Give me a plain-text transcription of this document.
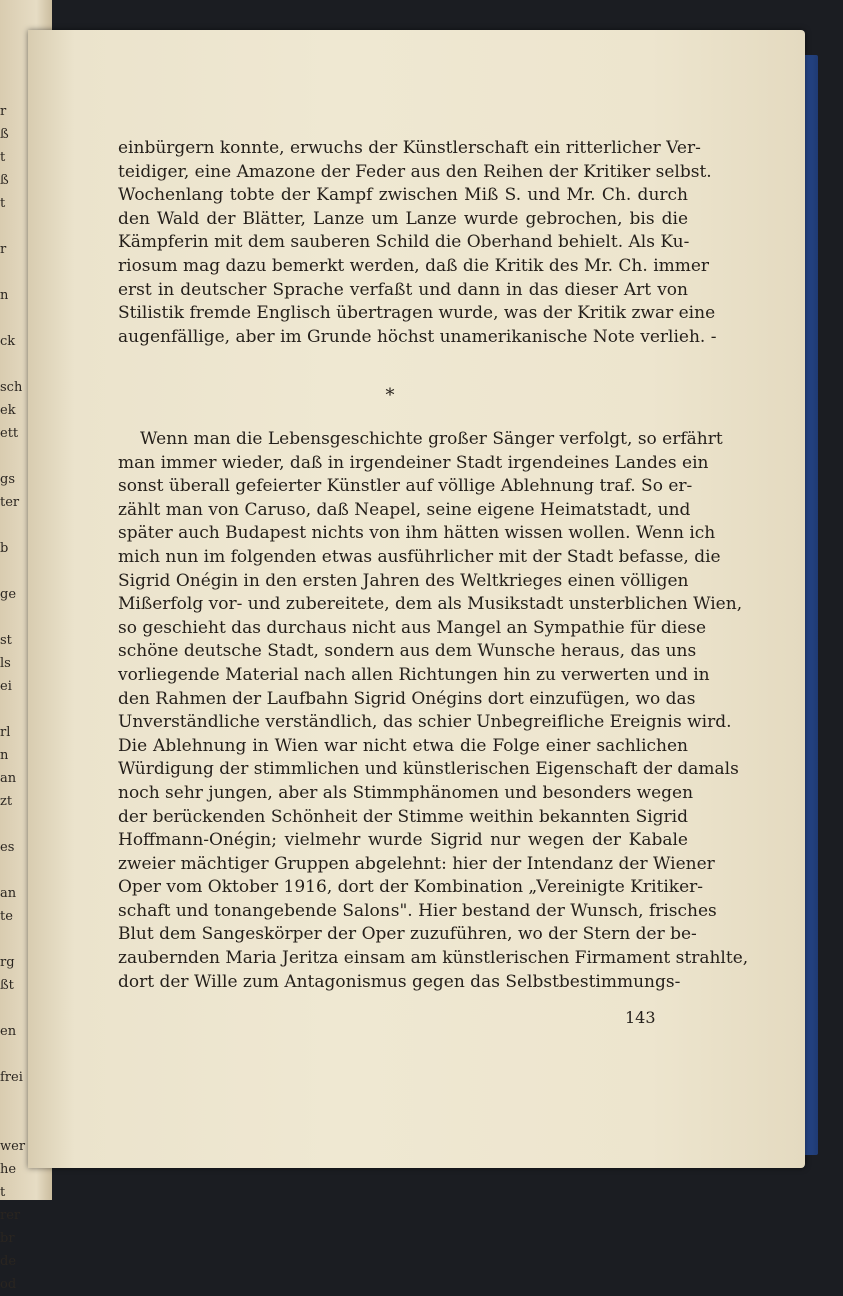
r
ß
t
ß
t

r

n

ck

sch
ek
ett

gs
ter

b

ge

st
ls
ei

rl
n
an
zt

es

an
te

rg
ßt

en

frei

wer
he
t
rer
br
de
od
einbürgern konnte, erwuchs der Künstlerschaft ein ritterlicher Ver-
teidiger, eine Amazone der Feder aus den Reihen der Kritiker selbst.
Wochenlang tobte der Kampf zwischen Miß S. und Mr. Ch. durch
den Wald der Blätter, Lanze um Lanze wurde gebrochen, bis die
Kämpferin mit dem sauberen Schild die Oberhand behielt. Als Ku-
riosum mag dazu bemerkt werden, daß die Kritik des Mr. Ch. immer
erst in deutscher Sprache verfaßt und dann in das dieser Art von
Stilistik fremde Englisch übertragen wurde, was der Kritik zwar eine
augenfällige, aber im Grunde höchst unamerikanische Note verlieh. -
*
Wenn man die Lebensgeschichte großer Sänger verfolgt, so erfährt
man immer wieder, daß in irgendeiner Stadt irgendeines Landes ein
sonst überall gefeierter Künstler auf völlige Ablehnung traf. So er-
zählt man von Caruso, daß Neapel, seine eigene Heimatstadt, und
später auch Budapest nichts von ihm hätten wissen wollen. Wenn ich
mich nun im folgenden etwas ausführlicher mit der Stadt befasse, die
Sigrid Onégin in den ersten Jahren des Weltkrieges einen völligen
Mißerfolg vor- und zubereitete, dem als Musikstadt unsterblichen Wien,
so geschieht das durchaus nicht aus Mangel an Sympathie für diese
schöne deutsche Stadt, sondern aus dem Wunsche heraus, das uns
vorliegende Material nach allen Richtungen hin zu verwerten und in
den Rahmen der Laufbahn Sigrid Onégins dort einzufügen, wo das
Unverständliche verständlich, das schier Unbegreifliche Ereignis wird.
Die Ablehnung in Wien war nicht etwa die Folge einer sachlichen
Würdigung der stimmlichen und künstlerischen Eigenschaft der damals
noch sehr jungen, aber als Stimmphänomen und besonders wegen
der berückenden Schönheit der Stimme weithin bekannten Sigrid
Hoffmann-Onégin; vielmehr wurde Sigrid nur wegen der Kabale
zweier mächtiger Gruppen abgelehnt: hier der Intendanz der Wiener
Oper vom Oktober 1916, dort der Kombination „Vereinigte Kritiker-
schaft und tonangebende Salons". Hier bestand der Wunsch, frisches
Blut dem Sangeskörper der Oper zuzuführen, wo der Stern der be-
zaubernden Maria Jeritza einsam am künstlerischen Firmament strahlte,
dort der Wille zum Antagonismus gegen das Selbstbestimmungs-
143
